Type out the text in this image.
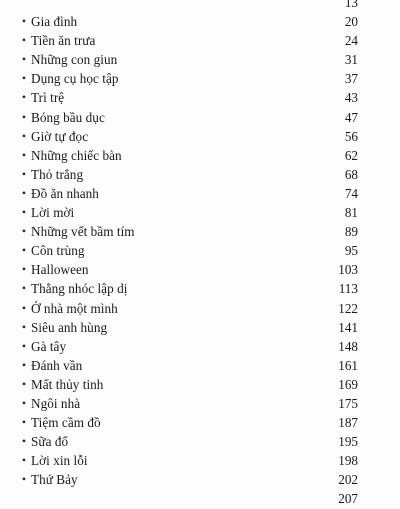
13
• Gia đình	20
• Tiền ăn trưa	24
• Những con giun	31
• Dụng cụ học tập	37
• Trì trệ	43
• Bóng bầu dục	47
• Giờ tự đọc	56
• Những chiếc bàn	62
• Thỏ trắng	68
• Đồ ăn nhanh	74
• Lời mời	81
• Những vết bầm tím	89
• Côn trùng	95
• Halloween	103
• Thằng nhóc lập dị	113
• Ở nhà một mình	122
• Siêu anh hùng	141
• Gà tây	148
• Đánh vần	161
• Mất thủy tinh	169
• Ngôi nhà	175
• Tiệm cầm đồ	187
• Sữa đổ	195
• Lời xin lỗi	198
• Thứ Bảy	202
207
